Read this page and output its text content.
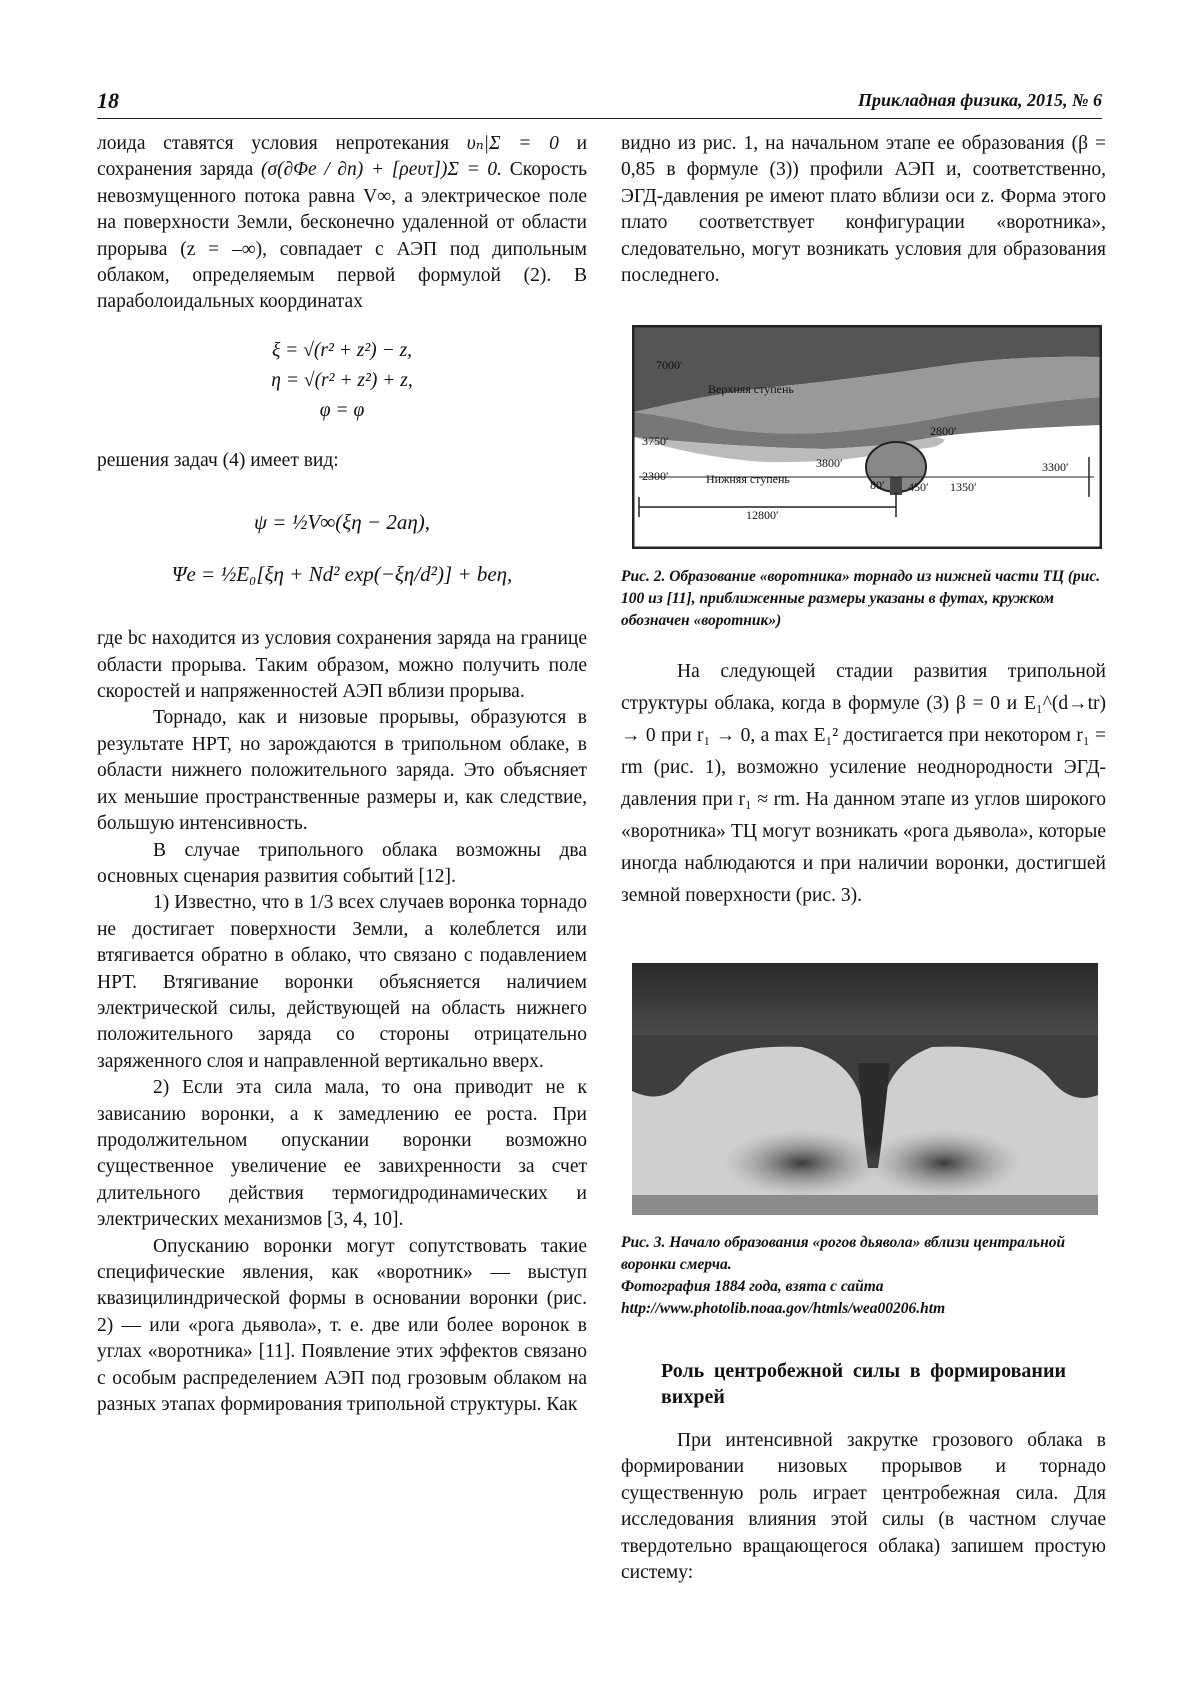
18	Прикладная физика, 2015, № 6

лоида ставятся условия непротекания υₙ|Σ = 0 и сохранения заряда (σ(∂Φe / ∂n) + [ρeυτ])Σ = 0. Скорость невозмущенного потока равна V∞, а электрическое поле на поверхности Земли, бесконечно удаленной от области прорыва (z = –∞), совпадает с АЭП под дипольным облаком, определяемым первой формулой (2). В параболоидальных координатах

ξ = √(r² + z²) − z,
η = √(r² + z²) + z,
φ = φ

решения задач (4) имеет вид:

ψ = ½V∞(ξη − 2aη),
Ψe = ½E₀[ξη + Nd² exp(−ξη/d²)] + beη,

где bc находится из условия сохранения заряда на границе области прорыва. Таким образом, можно получить поле скоростей и напряженностей АЭП вблизи прорыва.

Торнадо, как и низовые прорывы, образуются в результате НРТ, но зарождаются в трипольном облаке, в области нижнего положительного заряда. Это объясняет их меньшие пространственные размеры и, как следствие, большую интенсивность.

В случае трипольного облака возможны два основных сценария развития событий [12].

1) Известно, что в 1/3 всех случаев воронка торнадо не достигает поверхности Земли, а колеблется или втягивается обратно в облако, что связано с подавлением НРТ. Втягивание воронки объясняется наличием электрической силы, действующей на область нижнего положительного заряда со стороны отрицательно заряженного слоя и направленной вертикально вверх.

2) Если эта сила мала, то она приводит не к зависанию воронки, а к замедлению ее роста. При продолжительном опускании воронки возможно существенное увеличение ее завихренности за счет длительного действия термогидродинамических и электрических механизмов [3, 4, 10].

Опусканию воронки могут сопутствовать такие специфические явления, как «воротник» — выступ квазицилиндрической формы в основании воронки (рис. 2) — или «рога дьявола», т. е. две или более воронок в углах «воротника» [11]. Появление этих эффектов связано с особым распределением АЭП под грозовым облаком на разных этапах формирования трипольной структуры. Как

видно из рис. 1, на начальном этапе ее образования (β = 0,85 в формуле (3)) профили АЭП и, соответственно, ЭГД-давления pe имеют плато вблизи оси z. Форма этого плато соответствует конфигурации «воротника», следовательно, могут возникать условия для образования последнего.

7000′
Верхняя ступень
3750′
2800′
3800′	3300′
2300′	Нижняя ступень	80′ 450′ 1350′
12800′
Рис. 2. Образование «воротника» торнадо из нижней части ТЦ (рис. 100 из [11], приближенные размеры указаны в футах, кружком обозначен «воротник»)

На следующей стадии развития трипольной структуры облака, когда в формуле (3) β = 0 и E₁^(d→tr) → 0 при r₁ → 0, а max E₁² достигается при некотором r₁ = rm (рис. 1), возможно усиление неоднородности ЭГД-давления при r₁ ≈ rm. На данном этапе из углов широкого «воротника» ТЦ могут возникать «рога дьявола», которые иногда наблюдаются и при наличии воронки, достигшей земной поверхности (рис. 3).

Рис. 3. Начало образования «рогов дьявола» вблизи центральной воронки смерча.
Фотография 1884 года, взята с сайта
http://www.photolib.noaa.gov/htmls/wea00206.htm

Роль центробежной силы в формировании вихрей

При интенсивной закрутке грозового облака в формировании низовых прорывов и торнадо существенную роль играет центробежная сила. Для исследования влияния этой силы (в частном случае твердотельно вращающегося облака) запишем простую систему:
